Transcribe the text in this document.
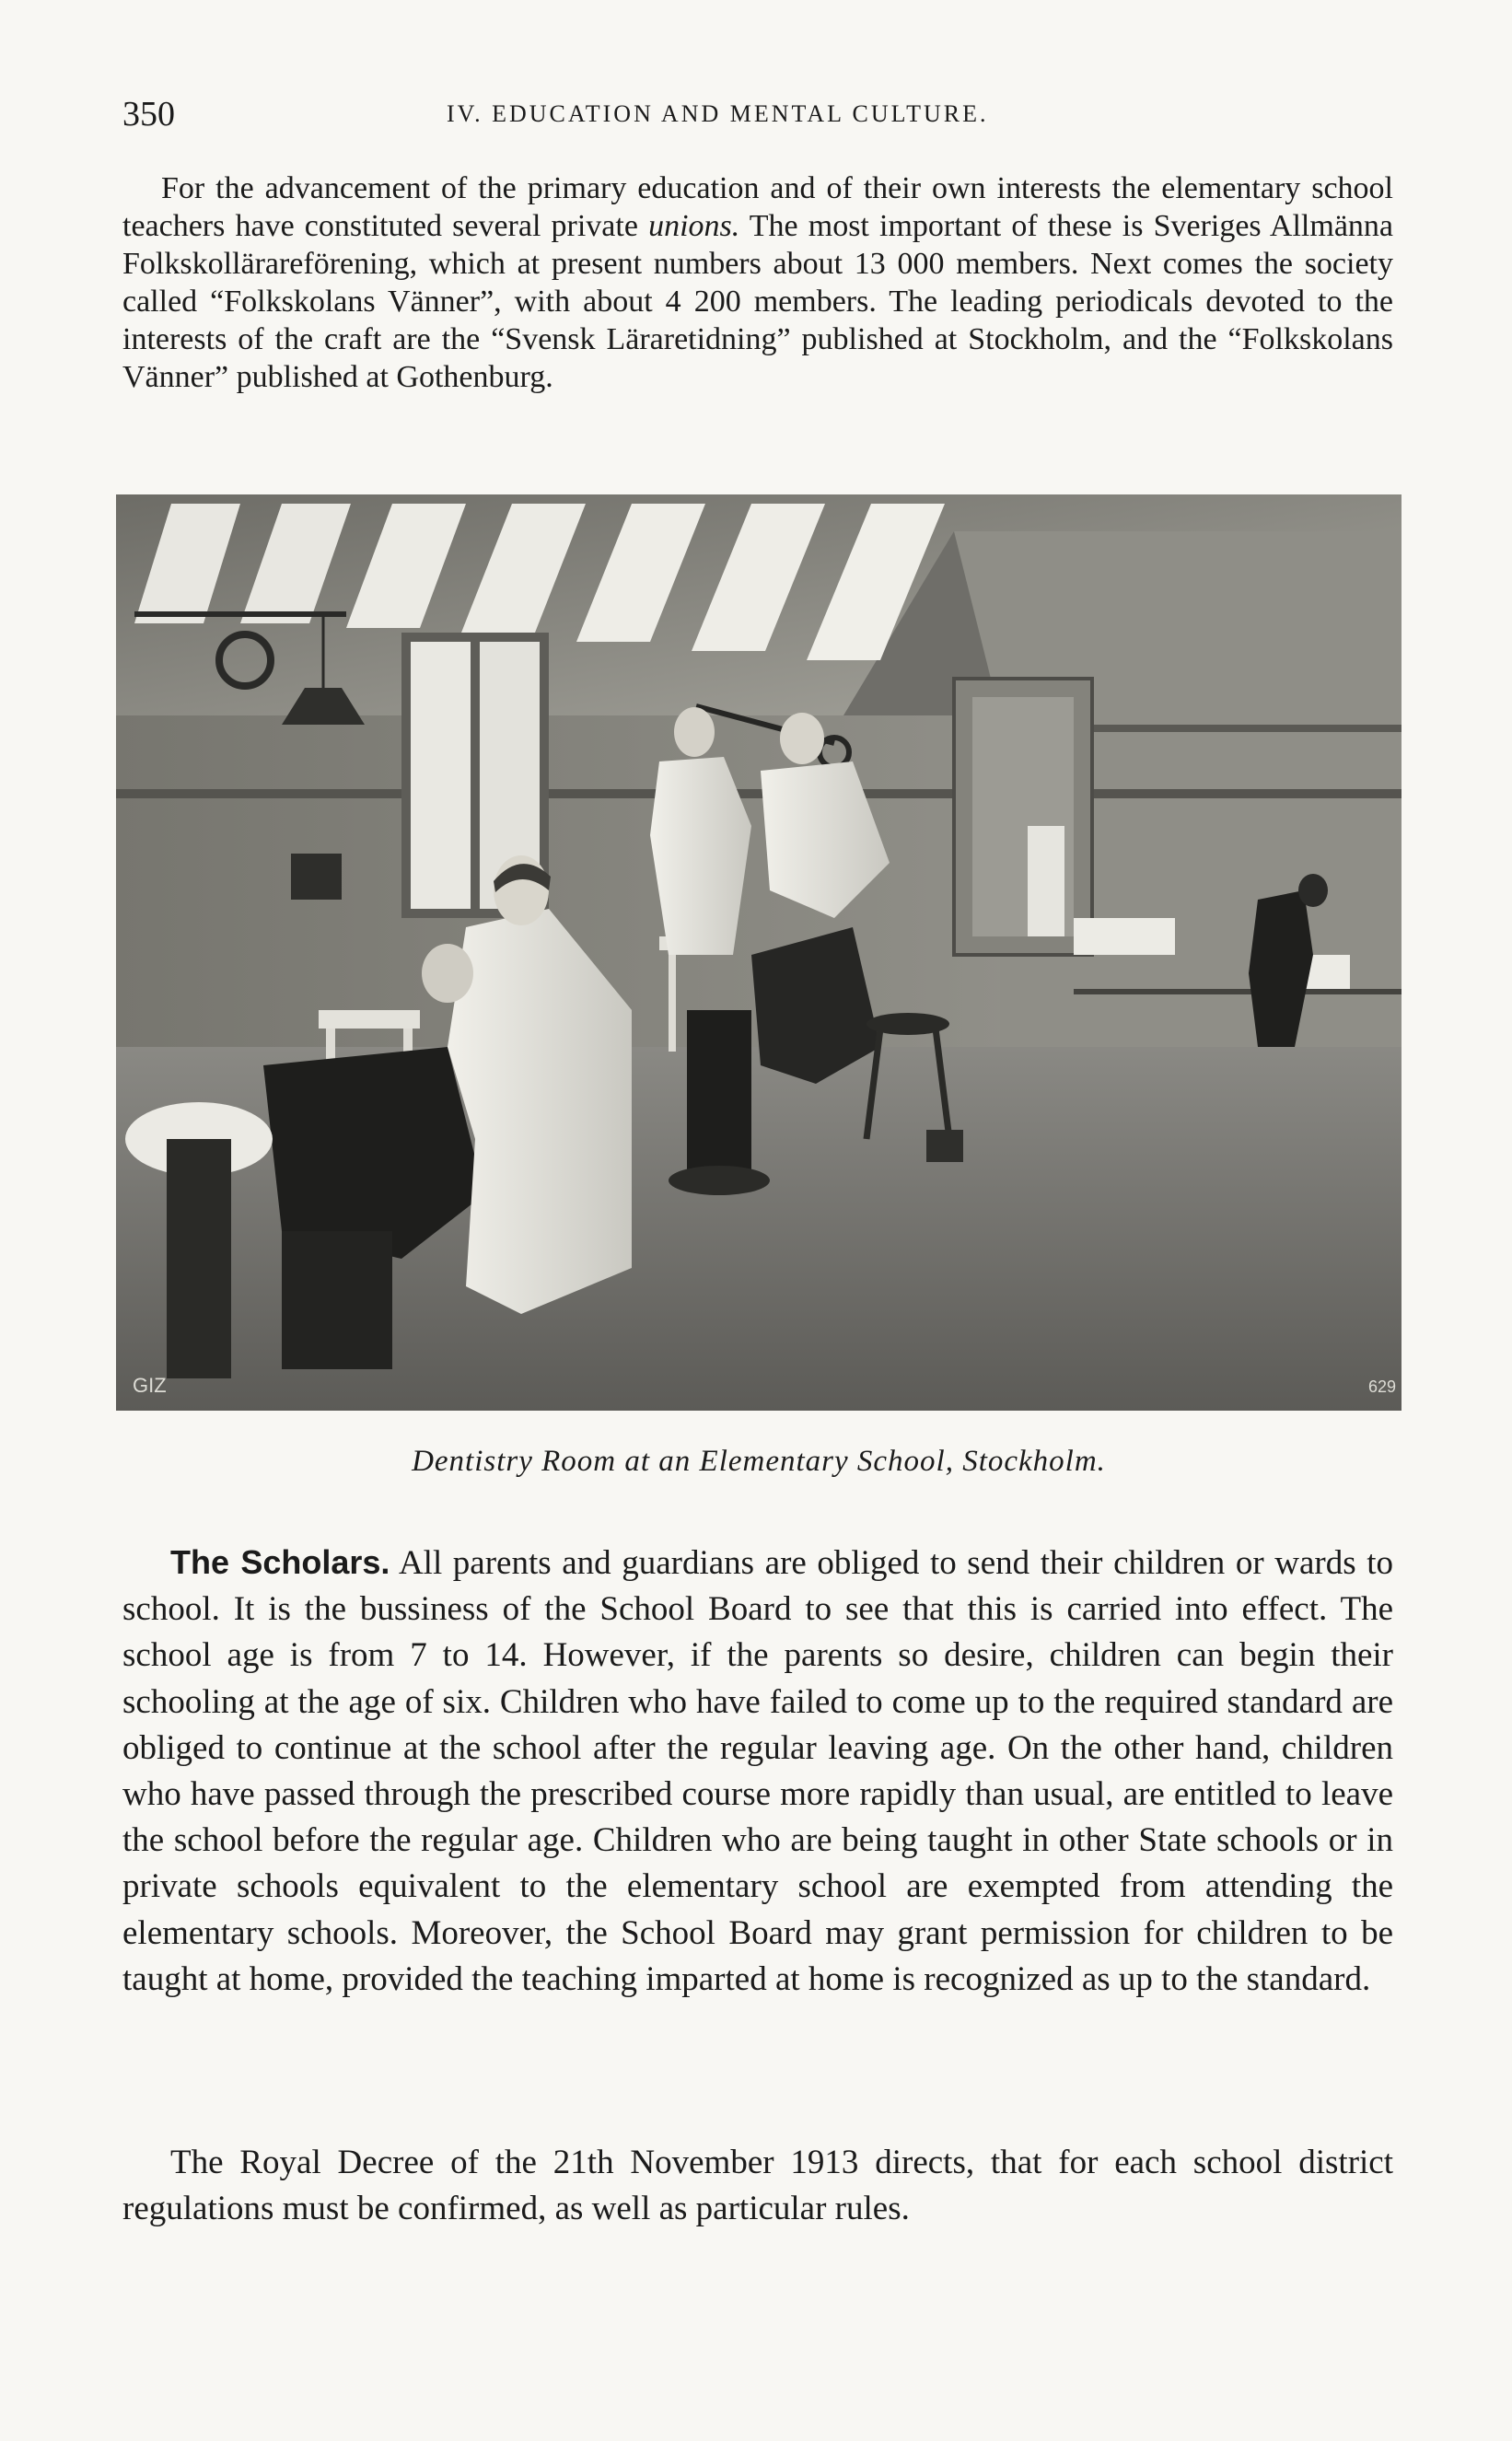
350	IV. EDUCATION AND MENTAL CULTURE.

For the advancement of the primary education and of their own interests the elementary school teachers have constituted several private unions. The most important of these is Sveriges Allmänna Folkskollärareförening, which at present numbers about 13 000 members. Next comes the society called “Folkskolans Vänner”, with about 4 200 members. The leading periodicals devoted to the interests of the craft are the “Svensk Läraretidning” published at Stockholm, and the “Folkskolans Vänner” published at Gothenburg.

GIZ	629
Dentistry Room at an Elementary School, Stockholm.

The Scholars. All parents and guardians are obliged to send their children or wards to school. It is the bussiness of the School Board to see that this is carried into effect. The school age is from 7 to 14. However, if the parents so desire, children can begin their schooling at the age of six. Children who have failed to come up to the required standard are obliged to continue at the school after the regular leaving age. On the other hand, children who have passed through the prescribed course more rapidly than usual, are entitled to leave the school before the regular age. Children who are being taught in other State schools or in private schools equivalent to the elementary school are exempted from attending the elementary schools. Moreover, the School Board may grant permission for children to be taught at home, provided the teaching imparted at home is recognized as up to the standard.

The Royal Decree of the 21th November 1913 directs, that for each school district regulations must be confirmed, as well as particular rules.
